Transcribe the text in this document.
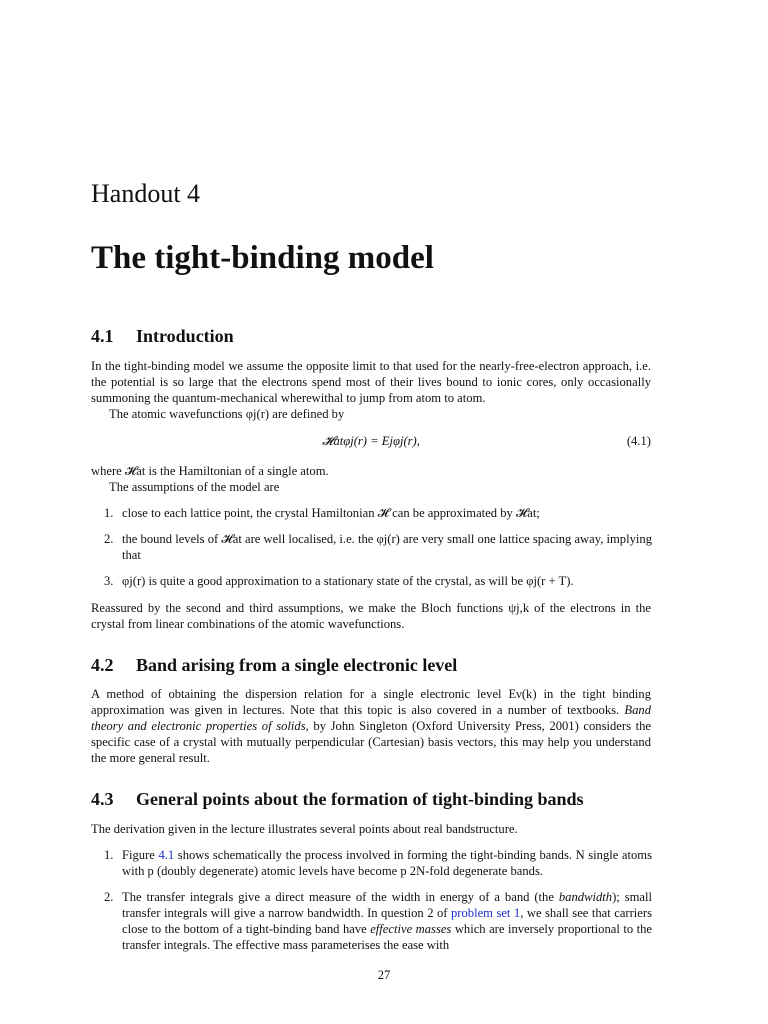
Handout 4
The tight-binding model
4.1 Introduction

In the tight-binding model we assume the opposite limit to that used for the nearly-free-electron approach, i.e. the potential is so large that the electrons spend most of their lives bound to ionic cores, only occasionally summoning the quantum-mechanical wherewithal to jump from atom to atom.

The atomic wavefunctions φj(r) are defined by

𝓗atφj(r) = Ejφj(r),	(4.1)

where 𝓗at is the Hamiltonian of a single atom.

The assumptions of the model are

1. close to each lattice point, the crystal Hamiltonian 𝓗 can be approximated by 𝓗at;
2. the bound levels of 𝓗at are well localised, i.e. the φj(r) are very small one lattice spacing away, implying that
3. φj(r) is quite a good approximation to a stationary state of the crystal, as will be φj(r + T).

Reassured by the second and third assumptions, we make the Bloch functions ψj,k of the electrons in the crystal from linear combinations of the atomic wavefunctions.

4.2 Band arising from a single electronic level

A method of obtaining the dispersion relation for a single electronic level Eν(k) in the tight binding approximation was given in lectures. Note that this topic is also covered in a number of textbooks. Band theory and electronic properties of solids, by John Singleton (Oxford University Press, 2001) considers the specific case of a crystal with mutually perpendicular (Cartesian) basis vectors, this may help you understand the more general result.

4.3 General points about the formation of tight-binding bands

The derivation given in the lecture illustrates several points about real bandstructure.

1. Figure 4.1 shows schematically the process involved in forming the tight-binding bands. N single atoms with p (doubly degenerate) atomic levels have become p 2N-fold degenerate bands.
2. The transfer integrals give a direct measure of the width in energy of a band (the bandwidth); small transfer integrals will give a narrow bandwidth. In question 2 of problem set 1, we shall see that carriers close to the bottom of a tight-binding band have effective masses which are inversely proportional to the transfer integrals. The effective mass parameterises the ease with
27
